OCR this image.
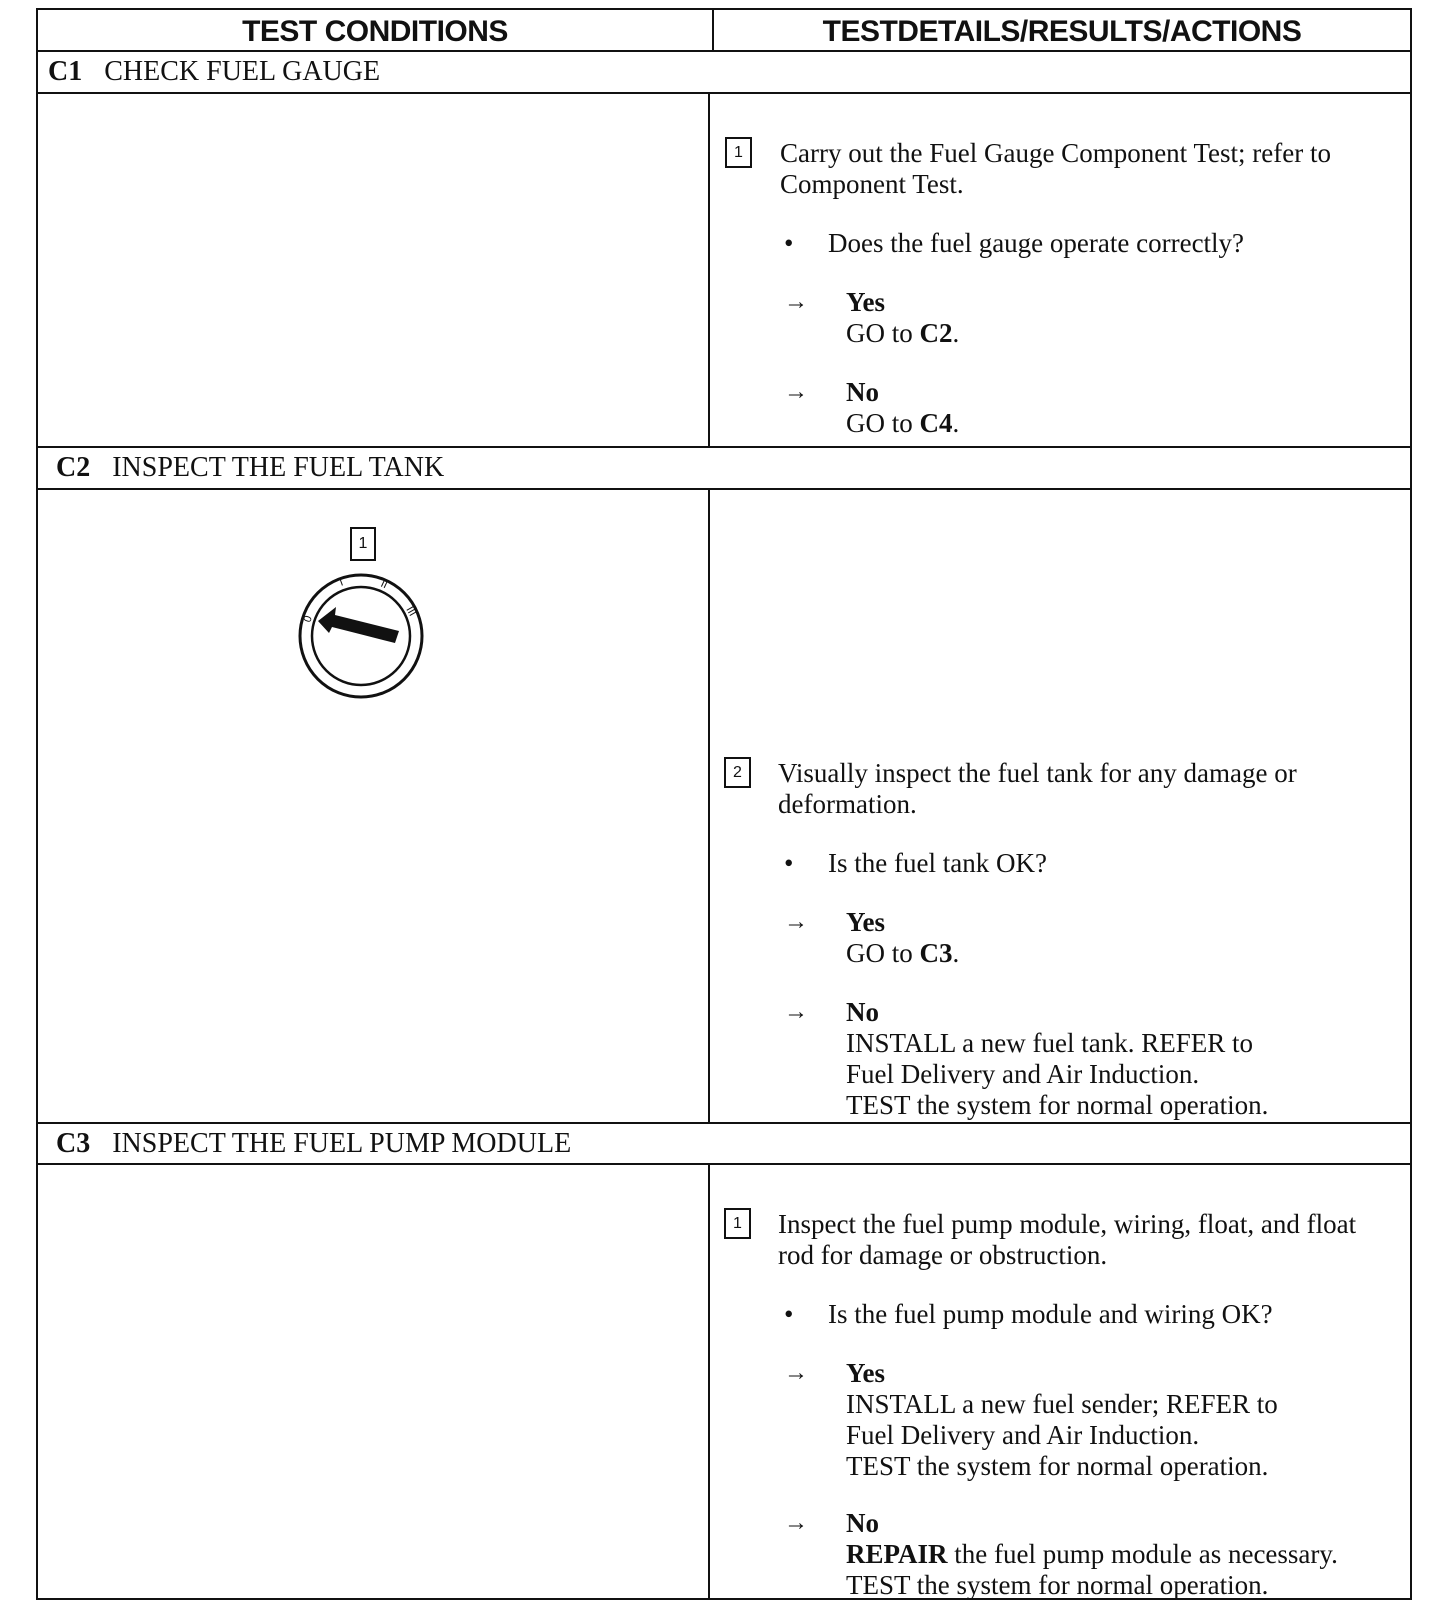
TEST CONDITIONS	TESTDETAILS/RESULTS/ACTIONS
C1 CHECK FUEL GAUGE
1	Carry out the Fuel Gauge Component Test; refer to Component Test.
• Does the fuel gauge operate correctly?
→ Yes
GO to C2.
→ No
GO to C4.
C2 INSPECT THE FUEL TANK
1
0
I	II
III
2	Visually inspect the fuel tank for any damage or deformation.
• Is the fuel tank OK?
→ Yes
GO to C3.
→ No
INSTALL a new fuel tank. REFER to
Fuel Delivery and Air Induction.
TEST the system for normal operation.
C3 INSPECT THE FUEL PUMP MODULE
1	Inspect the fuel pump module, wiring, float, and float rod for damage or obstruction.
• Is the fuel pump module and wiring OK?
→ Yes
INSTALL a new fuel sender; REFER to
Fuel Delivery and Air Induction.
TEST the system for normal operation.
→ No
REPAIR the fuel pump module as necessary.
TEST the system for normal operation.
